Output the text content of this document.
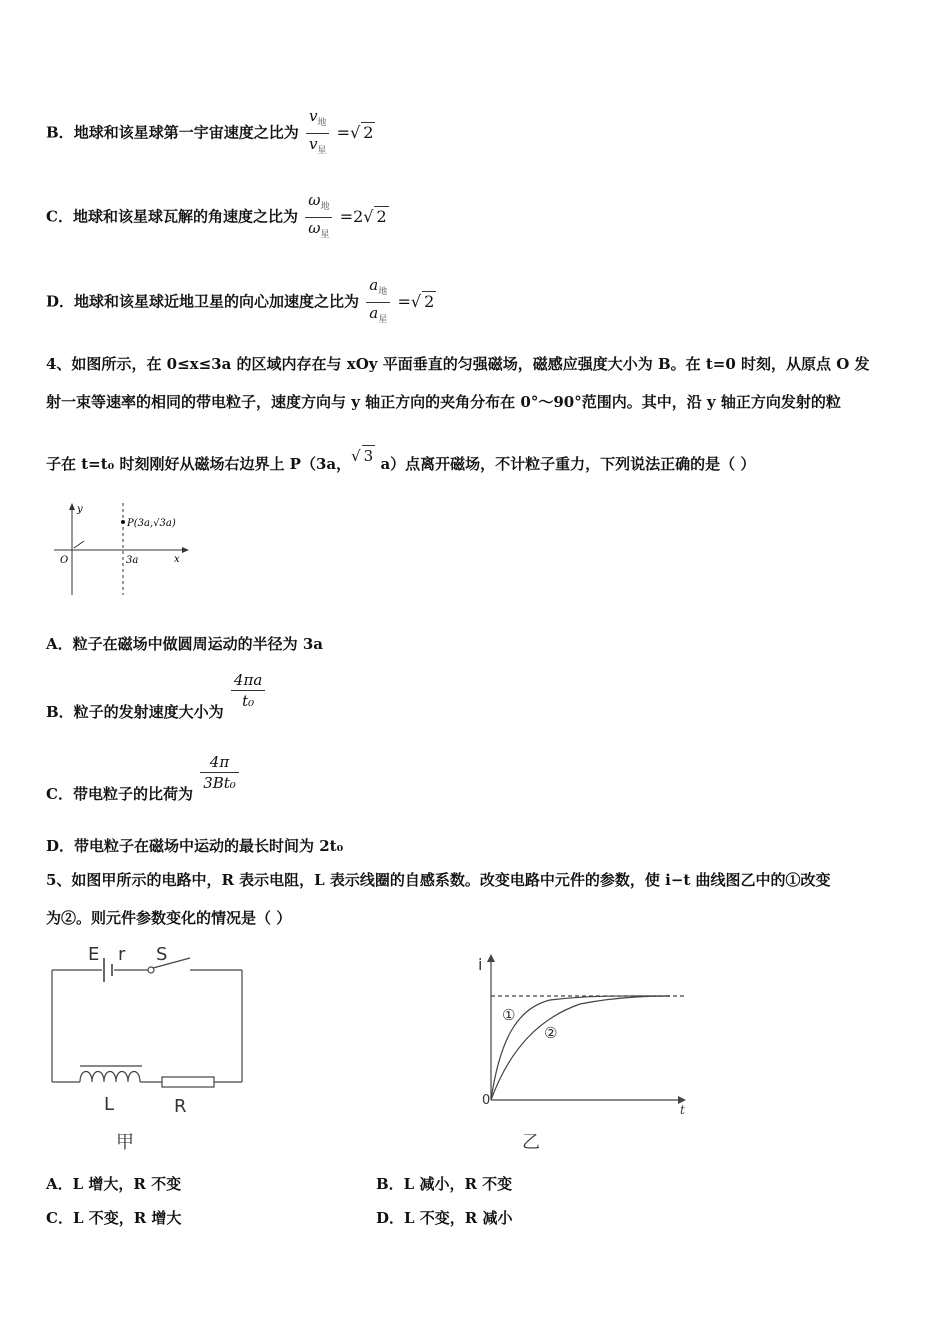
B．地球和该星球第一宇宙速度之比为 $\frac{v_地}{v_星}$ =√ 2
C．地球和该星球瓦解的角速度之比为 $\frac{\omega_地}{\omega_星} =2√$ 2
D．地球和该星球近地卫星的向心加速度之比为 $\frac{a_地}{a_星}$ =√ 2
4、如图所示，在 0≤x≤3a 的区域内存在与 xOy 平面垂直的匀强磁场，磁感应强度大小为 B。在 t=0 时刻，从原点 O 发
射一束等速率的相同的带电粒子，速度方向与 y 轴正方向的夹角分布在 0°～90°范围内。其中，沿 y 轴正方向发射的粒
子在 t=t₀ 时刻刚好从磁场右边界上 P（3a，√ 3 a）点离开磁场，不计粒子重力，下列说法正确的是（ ）
y
x
O	3a
P(3a,√3a)
A．粒子在磁场中做圆周运动的半径为 3a
B．粒子的发射速度大小为
$\frac{4\pi a}{\text{t₀}}$
C．带电粒子的比荷为
$\frac{4\pi}{\text{3Bt₀}}$
D．带电粒子在磁场中运动的最长时间为 2t₀
5、如图甲所示的电路中，R 表示电阻，L 表示线圈的自感系数。改变电路中元件的参数，使 i−t 曲线图乙中的①改变
为②。则元件参数变化的情况是（ ）
E r S
L	R
甲
i
t
0
①
②
乙
A．L 增大，R 不变	B．L 减小，R 不变
C．L 不变，R 增大	D．L 不变，R 减小
